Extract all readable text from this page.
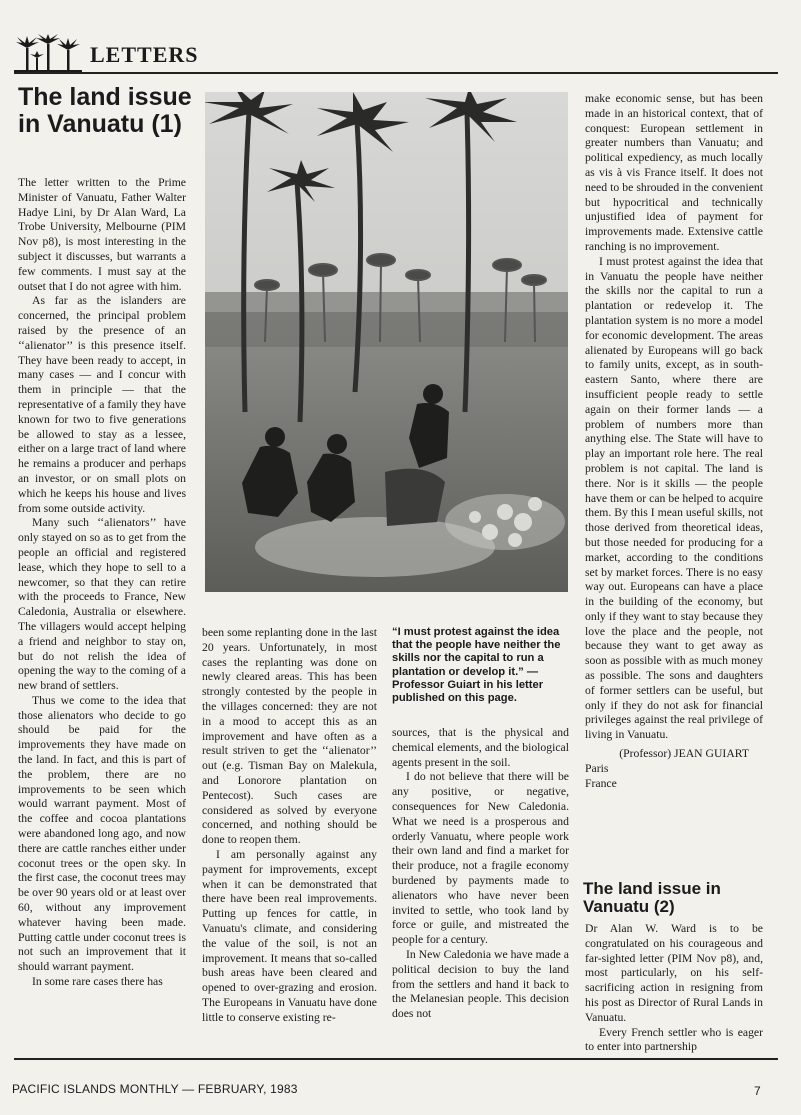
LETTERS
The land issue in Vanuatu (1)

The letter written to the Prime Minister of Vanuatu, Father Walter Hadye Lini, by Dr Alan Ward, La Trobe University, Melbourne (PIM Nov p8), is most interesting in the subject it discusses, but warrants a few comments. I must say at the outset that I do not agree with him.

As far as the islanders are concerned, the principal problem raised by the presence of an ‘‘alienator’’ is this presence itself. They have been ready to accept, in many cases — and I concur with them in principle — that the representative of a family they have known for two to five generations be allowed to stay as a lessee, either on a large tract of land where he remains a producer and perhaps an investor, or on small plots on which he keeps his house and lives from some outside activity.

Many such ‘‘alienators’’ have only stayed on so as to get from the people an official and registered lease, which they hope to sell to a newcomer, so that they can retire with the proceeds to France, New Caledonia, Australia or elsewhere. The villagers would accept helping a friend and neighbor to stay on, but do not relish the idea of opening the way to the coming of a new brand of settlers.

Thus we come to the idea that those alienators who decide to go should be paid for the improvements they have made on the land. In fact, and this is part of the problem, there are no improvements to be seen which would warrant payment. Most of the coffee and cocoa plantations were abandoned long ago, and now there are cattle ranches either under coconut trees or the open sky. In the first case, the coconut trees may be over 90 years old or at least over 60, without any improvement whatever having been made. Putting cattle under coconut trees is not such an improvement that it should warrant payment.

In some rare cases there has

been some replanting done in the last 20 years. Unfortunately, in most cases the replanting was done on newly cleared areas. This has been strongly contested by the people in the villages concerned: they are not in a mood to accept this as an improvement and have often as a result striven to get the ‘‘alienator’’ out (e.g. Tisman Bay on Malekula, and Lonorore plantation on Pentecost). Such cases are considered as solved by everyone concerned, and nothing should be done to reopen them.

I am personally against any payment for improvements, except when it can be demonstrated that there have been real improvements. Putting up fences for cattle, in Vanuatu's climate, and considering the value of the soil, is not an improvement. It means that so-called bush areas have been cleared and opened to over-grazing and erosion. The Europeans in Vanuatu have done little to conserve existing re-

“I must protest against the idea that the people have neither the skills nor the capital to run a plantation or develop it.” — Professor Guiart in his letter published on this page.

sources, that is the physical and chemical elements, and the biological agents present in the soil.

I do not believe that there will be any positive, or negative, consequences for New Caledonia. What we need is a prosperous and orderly Vanuatu, where people work their own land and find a market for their produce, not a fragile economy burdened by payments made to alienators who have never been invited to settle, who took land by force or guile, and mistreated the people for a century.

In New Caledonia we have made a political decision to buy the land from the settlers and hand it back to the Melanesian people. This decision does not

make economic sense, but has been made in an historical context, that of conquest: European settlement in greater numbers than Vanuatu; and political expediency, as much locally as vis à vis France itself. It does not need to be shrouded in the convenient but hypocritical and technically unjustified idea of payment for improvements made. Extensive cattle ranching is no improvement.

I must protest against the idea that in Vanuatu the people have neither the skills nor the capital to run a plantation or redevelop it. The plantation system is no more a model for economic development. The areas alienated by Europeans will go back to family units, except, as in south-eastern Santo, where there are insufficient people ready to settle again on their former lands — a problem of numbers more than anything else. The State will have to play an important role here. The real problem is not capital. The land is there. Nor is it skills — the people have them or can be helped to acquire them. By this I mean useful skills, not those derived from theoretical ideas, but those needed for producing for a market, according to the conditions set by market forces. There is no easy way out. Europeans can have a place in the building of the economy, but only if they want to stay because they love the place and the people, not because they want to get away as soon as possible with as much money as possible. The sons and daughters of former settlers can be useful, but only if they do not ask for financial privileges against the real privilege of living in Vanuatu.

(Professor) JEAN GUIART
Paris
France
The land issue in Vanuatu (2)

Dr Alan W. Ward is to be congratulated on his courageous and far-sighted letter (PIM Nov p8), and, most particularly, on his self-sacrificing action in resigning from his post as Director of Rural Lands in Vanuatu.

Every French settler who is eager to enter into partnership

PACIFIC ISLANDS MONTHLY — FEBRUARY, 1983	7
